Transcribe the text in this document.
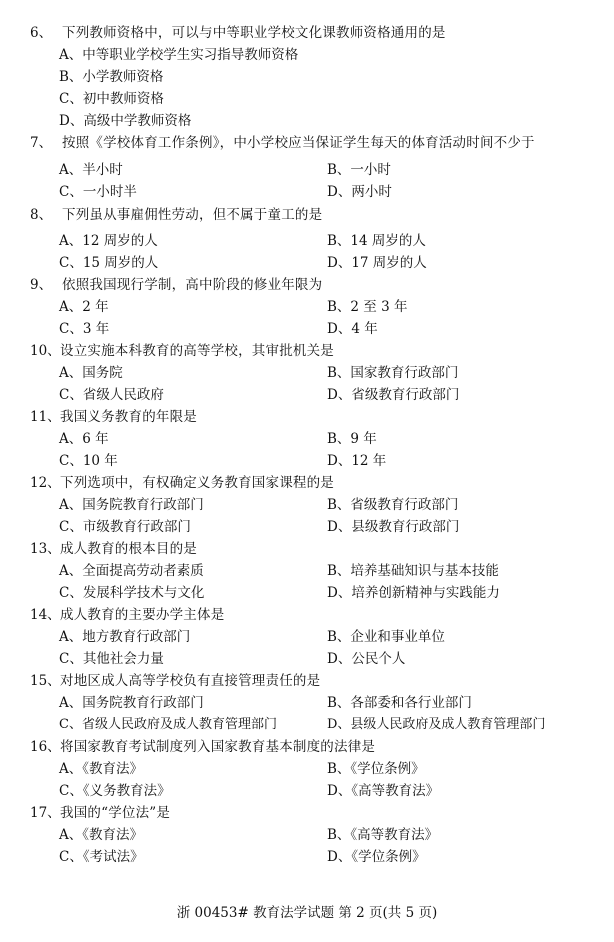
6、 下列教师资格中，可以与中等职业学校文化课教师资格通用的是
A、中等职业学校学生实习指导教师资格
B、小学教师资格
C、初中教师资格
D、高级中学教师资格
7、 按照《学校体育工作条例》，中小学校应当保证学生每天的体育活动时间不少于
A、半小时	B、一小时
C、一小时半	D、两小时
8、 下列虽从事雇佣性劳动，但不属于童工的是
A、12 周岁的人	B、14 周岁的人
C、15 周岁的人	D、17 周岁的人
9、 依照我国现行学制，高中阶段的修业年限为
A、2 年	B、2 至 3 年
C、3 年	D、4 年
10、 设立实施本科教育的高等学校，其审批机关是
A、国务院	B、国家教育行政部门
C、省级人民政府	D、省级教育行政部门
11、 我国义务教育的年限是
A、6 年	B、9 年
C、10 年	D、12 年
12、 下列选项中，有权确定义务教育国家课程的是
A、国务院教育行政部门	B、省级教育行政部门
C、市级教育行政部门	D、县级教育行政部门
13、 成人教育的根本目的是
A、全面提高劳动者素质	B、培养基础知识与基本技能
C、发展科学技术与文化	D、培养创新精神与实践能力
14、 成人教育的主要办学主体是
A、地方教育行政部门	B、企业和事业单位
C、其他社会力量	D、公民个人
15、 对地区成人高等学校负有直接管理责任的是
A、国务院教育行政部门	B、各部委和各行业部门
C、省级人民政府及成人教育管理部门	D、县级人民政府及成人教育管理部门
16、 将国家教育考试制度列入国家教育基本制度的法律是
A、《教育法》	B、《学位条例》
C、《义务教育法》	D、《高等教育法》
17、 我国的“学位法”是
A、《教育法》	B、《高等教育法》
C、《考试法》	D、《学位条例》
浙 00453# 教育法学试题 第 2 页(共 5 页)
